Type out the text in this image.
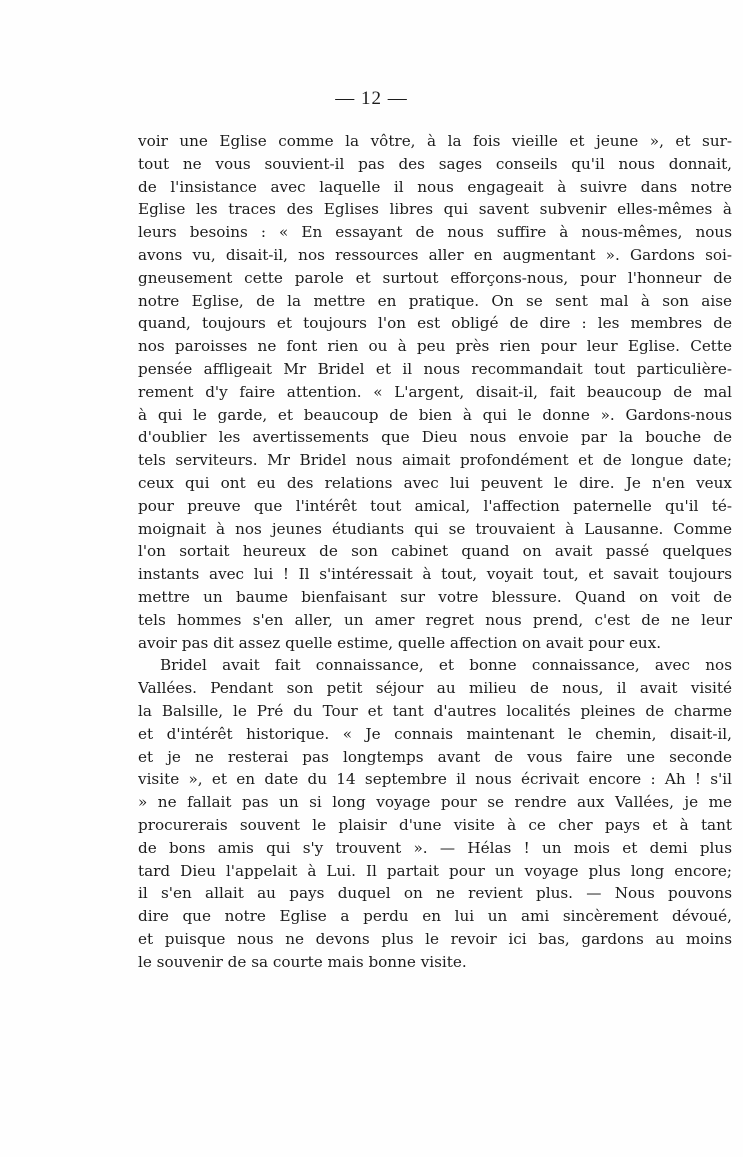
— 12 —
voir une Eglise comme la vôtre, à la fois vieille et jeune », et sur-
tout ne vous souvient-il pas des sages conseils qu'il nous donnait,
de l'insistance avec laquelle il nous engageait à suivre dans notre
Eglise les traces des Eglises libres qui savent subvenir elles-mêmes à
leurs besoins : « En essayant de nous suffire à nous-mêmes, nous
avons vu, disait-il, nos ressources aller en augmentant ». Gardons soi-
gneusement cette parole et surtout efforçons-nous, pour l'honneur de
notre Eglise, de la mettre en pratique. On se sent mal à son aise
quand, toujours et toujours l'on est obligé de dire : les membres de
nos paroisses ne font rien ou à peu près rien pour leur Eglise. Cette
pensée affligeait Mr Bridel et il nous recommandait tout particulière-
rement d'y faire attention. « L'argent, disait-il, fait beaucoup de mal
à qui le garde, et beaucoup de bien à qui le donne ». Gardons-nous
d'oublier les avertissements que Dieu nous envoie par la bouche de
tels serviteurs. Mr Bridel nous aimait profondément et de longue date;
ceux qui ont eu des relations avec lui peuvent le dire. Je n'en veux
pour preuve que l'intérêt tout amical, l'affection paternelle qu'il té-
moignait à nos jeunes étudiants qui se trouvaient à Lausanne. Comme
l'on sortait heureux de son cabinet quand on avait passé quelques
instants avec lui ! Il s'intéressait à tout, voyait tout, et savait toujours
mettre un baume bienfaisant sur votre blessure. Quand on voit de
tels hommes s'en aller, un amer regret nous prend, c'est de ne leur
avoir pas dit assez quelle estime, quelle affection on avait pour eux.
Bridel avait fait connaissance, et bonne connaissance, avec nos
Vallées. Pendant son petit séjour au milieu de nous, il avait visité
la Balsille, le Pré du Tour et tant d'autres localités pleines de charme
et d'intérêt historique. « Je connais maintenant le chemin, disait-il,
et je ne resterai pas longtemps avant de vous faire une seconde
visite », et en date du 14 septembre il nous écrivait encore : Ah ! s'il
» ne fallait pas un si long voyage pour se rendre aux Vallées, je me
procurerais souvent le plaisir d'une visite à ce cher pays et à tant
de bons amis qui s'y trouvent ». — Hélas ! un mois et demi plus
tard Dieu l'appelait à Lui. Il partait pour un voyage plus long encore;
il s'en allait au pays duquel on ne revient plus. — Nous pouvons
dire que notre Eglise a perdu en lui un ami sincèrement dévoué,
et puisque nous ne devons plus le revoir ici bas, gardons au moins
le souvenir de sa courte mais bonne visite.
